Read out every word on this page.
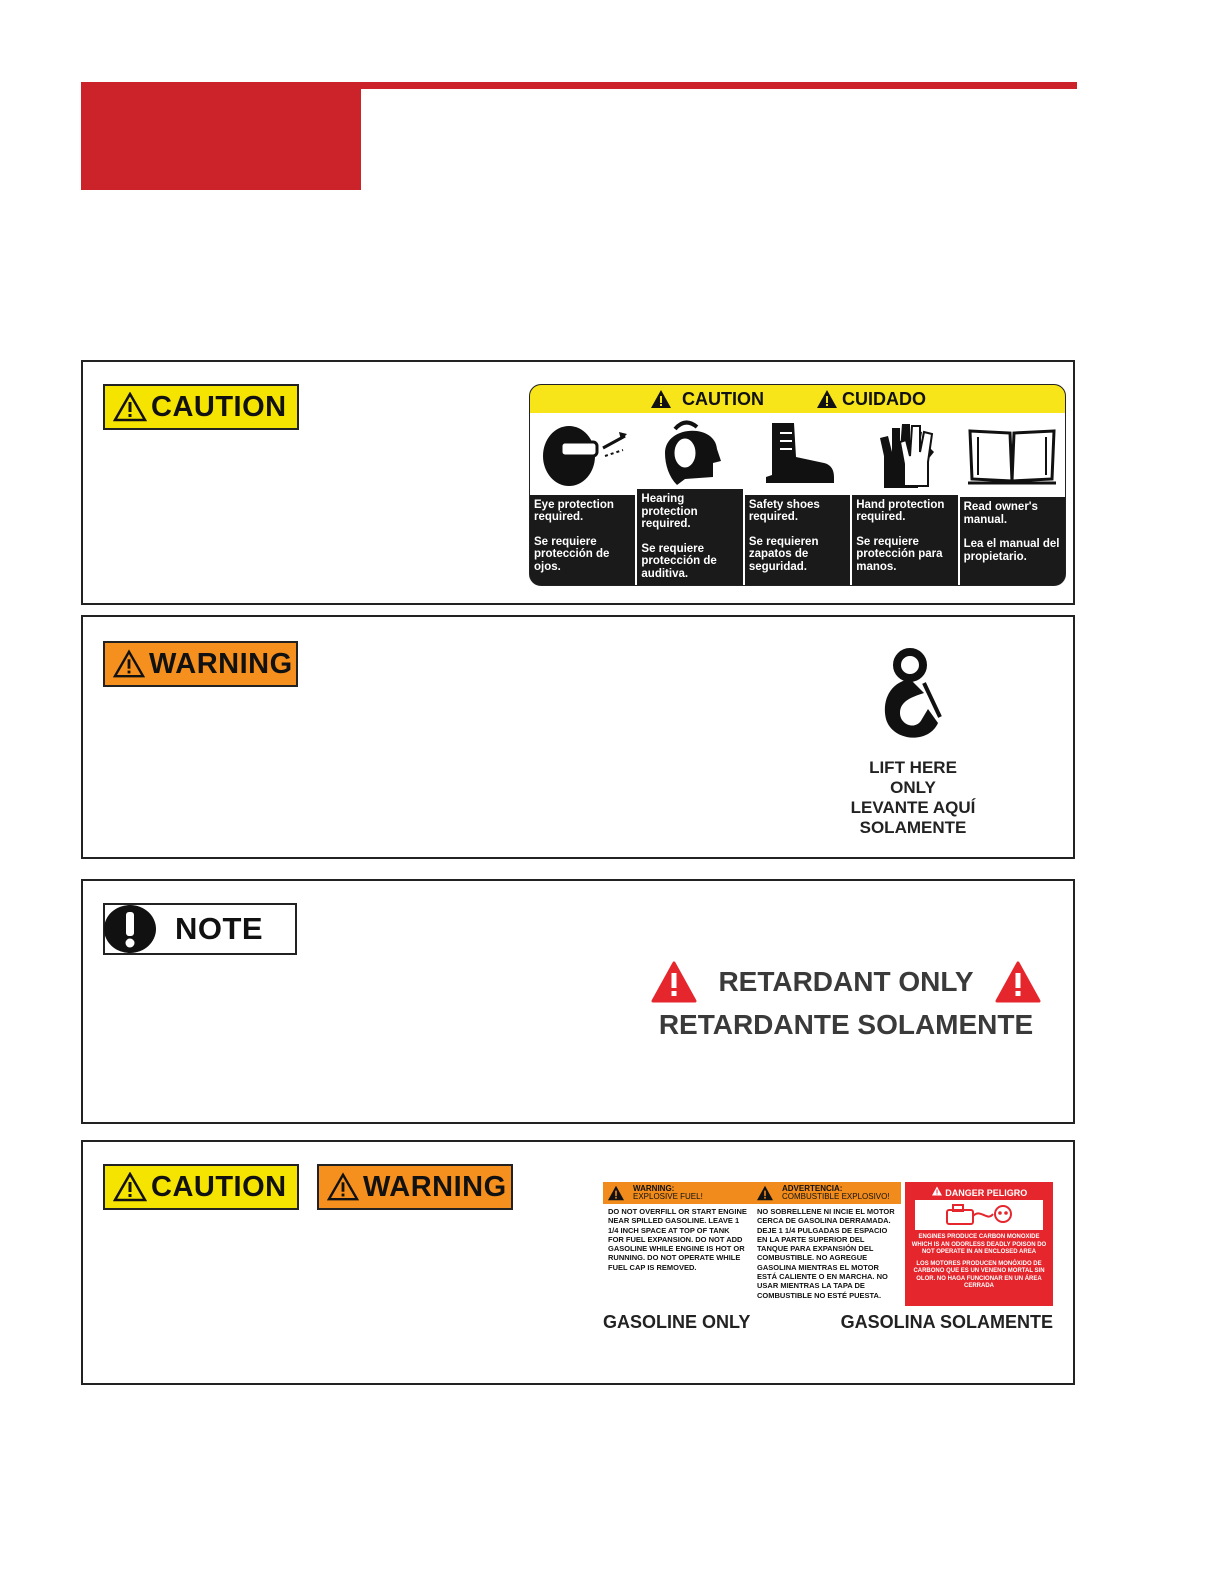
CAUTION	CAUTION	CUIDADO

Eye protection required.

Se requiere protección de ojos.

Hearing protection required.

Se requiere protección de auditiva.

Safety shoes required.

Se requieren zapatos de seguridad.

Hand protection required.

Se requiere protección para manos.

Read owner's manual.

Lea el manual del propietario.

WARNING
LIFT HERE
ONLY
LEVANTE AQUÍ
SOLAMENTE
NOTE
RETARDANT ONLY
RETARDANTE SOLAMENTE
CAUTION	WARNING	WARNING:
EXPLOSIVE FUEL!
ADVERTENCIA:
COMBUSTIBLE EXPLOSIVO!
DO NOT OVERFILL OR START ENGINE NEAR SPILLED GASOLINE. LEAVE 1 1/4 INCH SPACE AT TOP OF TANK FOR FUEL EXPANSION. DO NOT ADD GASOLINE WHILE ENGINE IS HOT OR RUNNING. DO NOT OPERATE WHILE FUEL CAP IS REMOVED.
NO SOBRELLENE NI INCIE EL MOTOR CERCA DE GASOLINA DERRAMADA. DEJE 1 1/4 PULGADAS DE ESPACIO EN LA PARTE SUPERIOR DEL TANQUE PARA EXPANSIÓN DEL COMBUSTIBLE. NO AGREGUE GASOLINA MIENTRAS EL MOTOR ESTÁ CALIENTE O EN MARCHA. NO USAR MIENTRAS LA TAPA DE COMBUSTIBLE NO ESTÉ PUESTA.
DANGER PELIGRO
ENGINES PRODUCE CARBON MONOXIDE WHICH IS AN ODORLESS DEADLY POISON DO NOT OPERATE IN AN ENCLOSED AREA
LOS MOTORES PRODUCEN MONÓXIDO DE CARBONO QUE ES UN VENENO MORTAL SIN OLOR. NO HAGA FUNCIONAR EN UN ÁREA CERRADA
GASOLINE ONLY	GASOLINA SOLAMENTE
